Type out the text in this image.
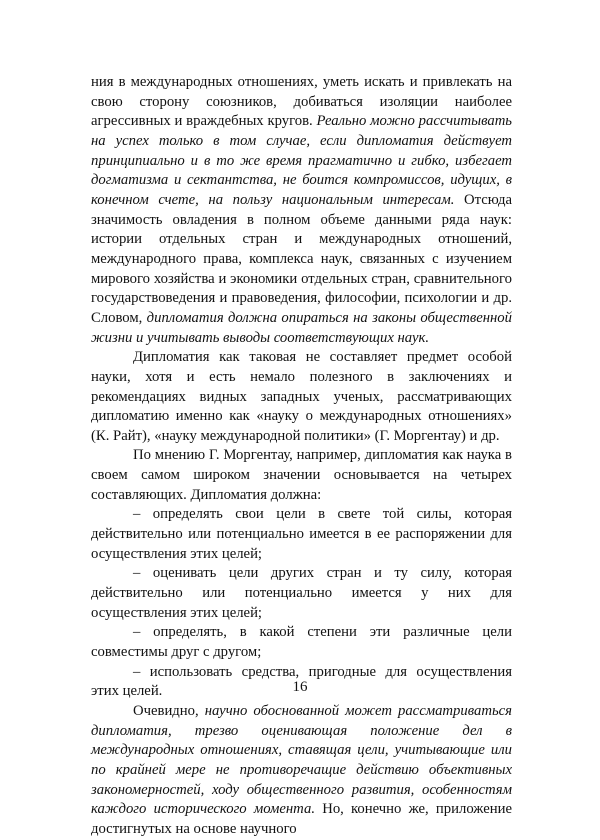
ния в международных отношениях, уметь искать и привлекать на свою сторону союзников, добиваться изоляции наиболее агрессивных и враждебных кругов. Реально можно рассчитывать на успех только в том случае, если дипломатия действует принципиально и в то же время прагматично и гибко, избегает догматизма и сектантства, не боится компромиссов, идущих, в конечном счете, на пользу национальным интересам. Отсюда значимость овладения в полном объеме данными ряда наук: истории отдельных стран и международных отношений, международного права, комплекса наук, связанных с изучением мирового хозяйства и экономики отдельных стран, сравнительного государствоведения и правоведения, философии, психологии и др. Словом, дипломатия должна опираться на законы общественной жизни и учитывать выводы соответствующих наук.

Дипломатия как таковая не составляет предмет особой науки, хотя и есть немало полезного в заключениях и рекомендациях видных западных ученых, рассматривающих дипломатию именно как «науку о международных отношениях» (К. Райт), «науку международной политики» (Г. Моргентау) и др.

По мнению Г. Моргентау, например, дипломатия как наука в своем самом широком значении основывается на четырех составляющих. Дипломатия должна:

– определять свои цели в свете той силы, которая действительно или потенциально имеется в ее распоряжении для осуществления этих целей;

– оценивать цели других стран и ту силу, которая действительно или потенциально имеется у них для осуществления этих целей;

– определять, в какой степени эти различные цели совместимы друг с другом;

– использовать средства, пригодные для осуществления этих целей.

Очевидно, научно обоснованной может рассматриваться дипломатия, трезво оценивающая положение дел в международных отношениях, ставящая цели, учитывающие или по крайней мере не противоречащие действию объективных закономерностей, ходу общественного развития, особенностям каждого исторического момента. Но, конечно же, приложение достигнутых на основе научного

16
